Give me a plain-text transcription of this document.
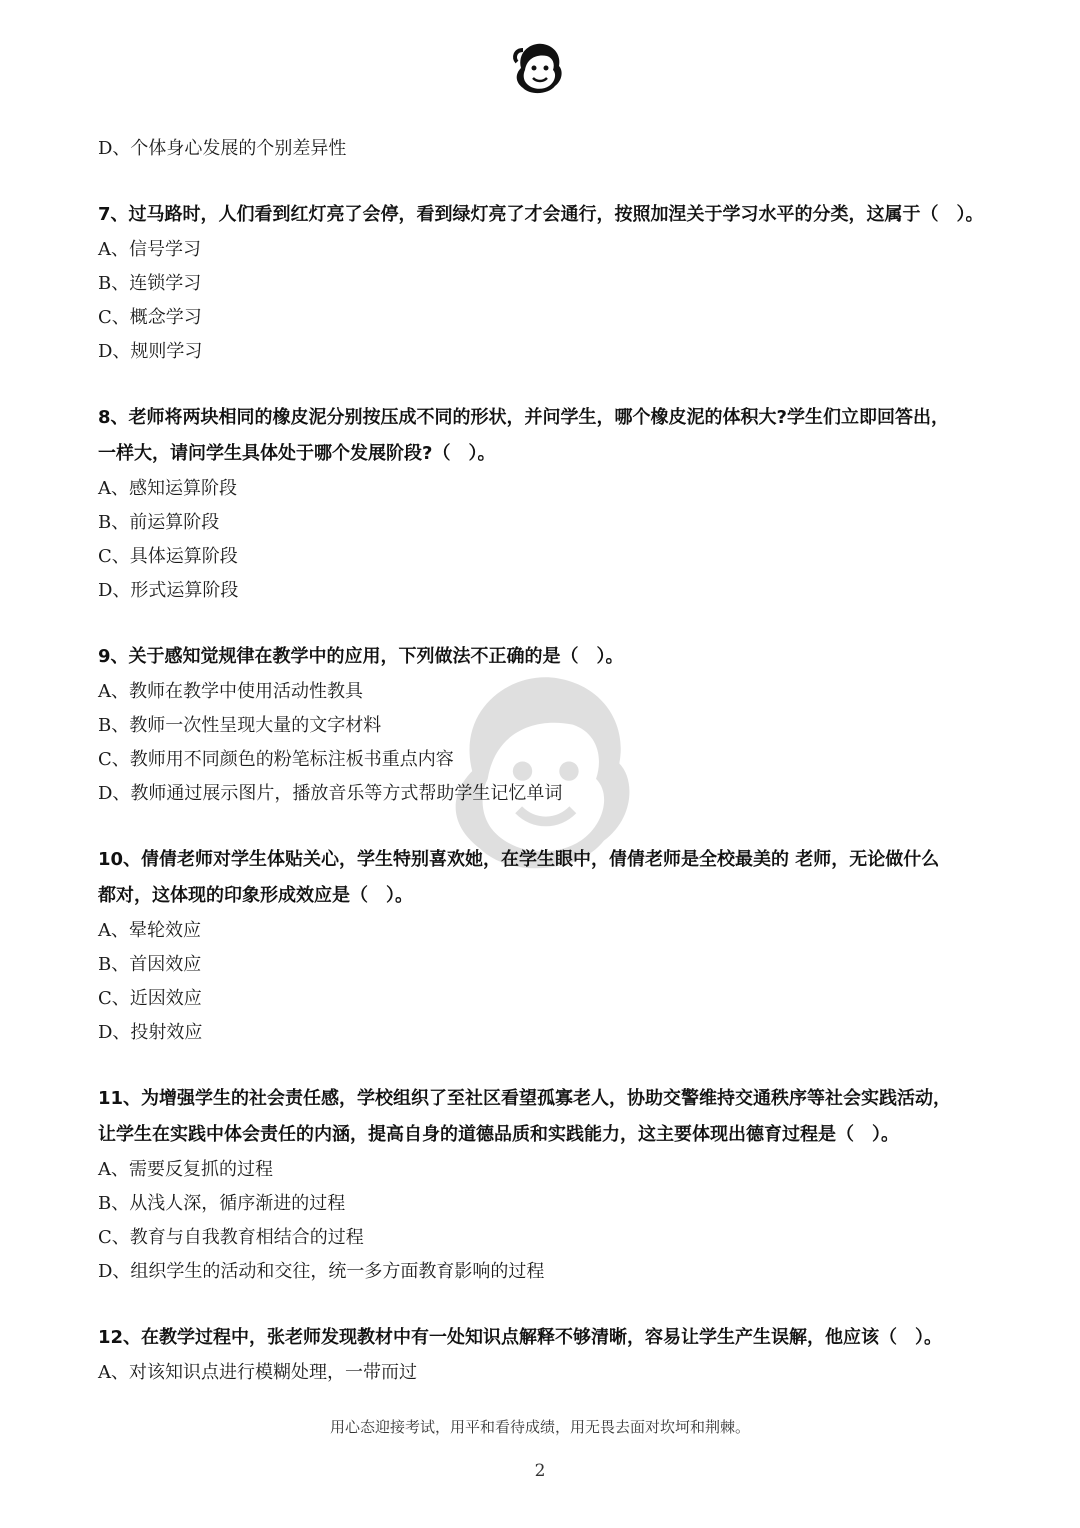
D、个体身心发展的个别差异性
7、过马路时，人们看到红灯亮了会停，看到绿灯亮了才会通行，按照加涅关于学习水平的分类，这属于（　）。
A、信号学习
B、连锁学习
C、概念学习
D、规则学习
8、老师将两块相同的橡皮泥分别按压成不同的形状，并问学生，哪个橡皮泥的体积大?学生们立即回答出，
一样大，请问学生具体处于哪个发展阶段?（　）。
A、感知运算阶段
B、前运算阶段
C、具体运算阶段
D、形式运算阶段
9、关于感知觉规律在教学中的应用，下列做法不正确的是（　）。
A、教师在教学中使用活动性教具
B、教师一次性呈现大量的文字材料
C、教师用不同颜色的粉笔标注板书重点内容
D、教师通过展示图片，播放音乐等方式帮助学生记忆单词
10、倩倩老师对学生体贴关心，学生特别喜欢她，在学生眼中，倩倩老师是全校最美的 老师，无论做什么
都对，这体现的印象形成效应是（　）。
A、晕轮效应
B、首因效应
C、近因效应
D、投射效应
11、为增强学生的社会责任感，学校组织了至社区看望孤寡老人，协助交警维持交通秩序等社会实践活动，
让学生在实践中体会责任的内涵，提高自身的道德品质和实践能力，这主要体现出德育过程是（　）。
A、需要反复抓的过程
B、从浅人深，循序渐进的过程
C、教育与自我教育相结合的过程
D、组织学生的活动和交往，统一多方面教育影响的过程
12、在教学过程中，张老师发现教材中有一处知识点解释不够清晰，容易让学生产生误解，他应该（　）。
A、对该知识点进行模糊处理，一带而过
用心态迎接考试，用平和看待成绩，用无畏去面对坎坷和荆棘。
2
